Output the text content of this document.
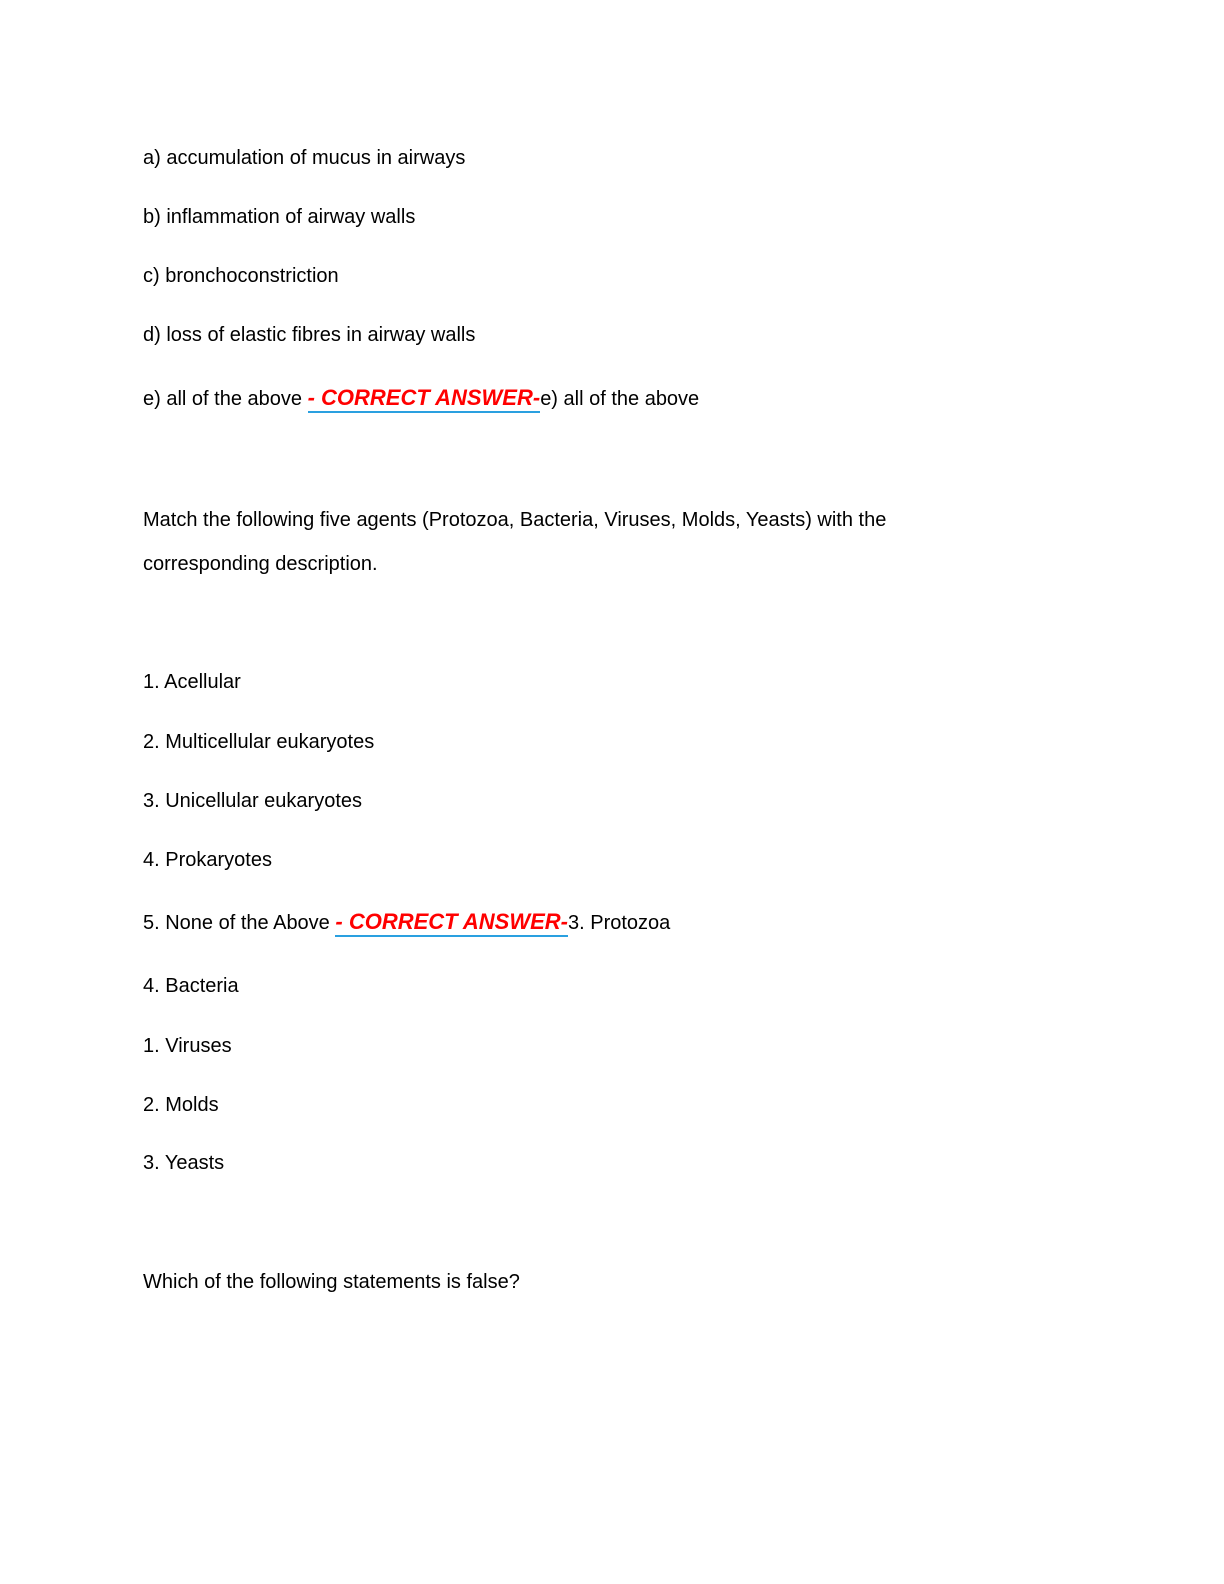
a) accumulation of mucus in airways
b) inflammation of airway walls
c) bronchoconstriction
d) loss of elastic fibres in airway walls
e) all of the above - CORRECT ANSWER-e) all of the above
Match the following five agents (Protozoa, Bacteria, Viruses, Molds, Yeasts) with the
corresponding description.
1. Acellular
2. Multicellular eukaryotes
3. Unicellular eukaryotes
4. Prokaryotes
5. None of the Above - CORRECT ANSWER-3. Protozoa
4. Bacteria
1. Viruses
2. Molds
3. Yeasts
Which of the following statements is false?
